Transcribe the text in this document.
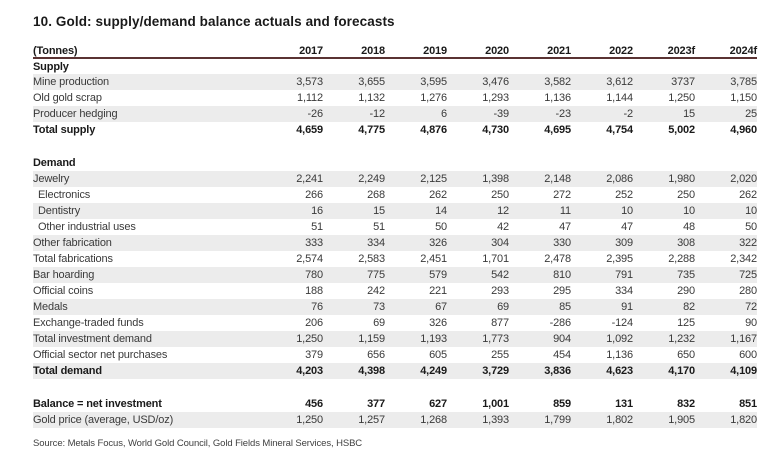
10. Gold: supply/demand balance actuals and forecasts
(Tonnes)	2017	2018	2019	2020	2021	2022	2023f	2024f
Supply								
Mine production	3,573	3,655	3,595	3,476	3,582	3,612	3737	3,785
Old gold scrap	1,112	1,132	1,276	1,293	1,136	1,144	1,250	1,150
Producer hedging	-26	-12	6	-39	-23	-2	15	25
Total supply	4,659	4,775	4,876	4,730	4,695	4,754	5,002	4,960

Demand								
Jewelry	2,241	2,249	2,125	1,398	2,148	2,086	1,980	2,020
Electronics	266	268	262	250	272	252	250	262
Dentistry	16	15	14	12	11	10	10	10
Other industrial uses	51	51	50	42	47	47	48	50
Other fabrication	333	334	326	304	330	309	308	322
Total fabrications	2,574	2,583	2,451	1,701	2,478	2,395	2,288	2,342
Bar hoarding	780	775	579	542	810	791	735	725
Official coins	188	242	221	293	295	334	290	280
Medals	76	73	67	69	85	91	82	72
Exchange-traded funds	206	69	326	877	-286	-124	125	90
Total investment demand	1,250	1,159	1,193	1,773	904	1,092	1,232	1,167
Official sector net purchases	379	656	605	255	454	1,136	650	600
Total demand	4,203	4,398	4,249	3,729	3,836	4,623	4,170	4,109

Balance = net investment	456	377	627	1,001	859	131	832	851
Gold price (average, USD/oz)	1,250	1,257	1,268	1,393	1,799	1,802	1,905	1,820
Source: Metals Focus, World Gold Council, Gold Fields Mineral Services, HSBC
